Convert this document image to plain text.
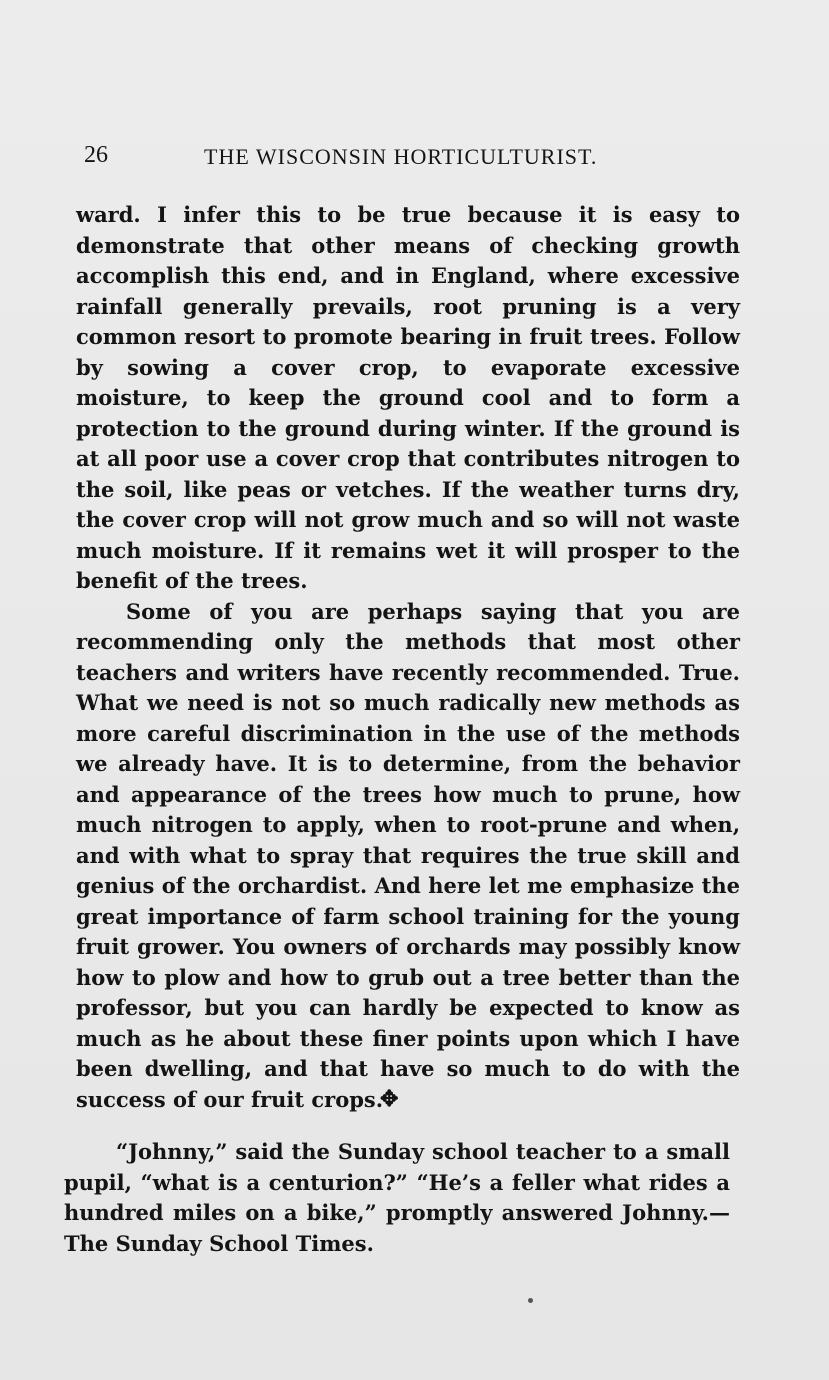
26	THE WISCONSIN HORTICULTURIST.

ward. I infer this to be true because it is easy to demonstrate that other means of checking growth accomplish this end, and in England, where excessive rainfall generally prevails, root pruning is a very common resort to promote bearing in fruit trees. Follow by sowing a cover crop, to evaporate excessive moisture, to keep the ground cool and to form a protection to the ground during winter. If the ground is at all poor use a cover crop that contributes nitrogen to the soil, like peas or vetches. If the weather turns dry, the cover crop will not grow much and so will not waste much moisture. If it remains wet it will prosper to the benefit of the trees.

Some of you are perhaps saying that you are recommending only the methods that most other teachers and writers have recently recommended. True. What we need is not so much radically new methods as more careful discrimination in the use of the methods we already have. It is to determine, from the behavior and appearance of the trees how much to prune, how much nitrogen to apply, when to root-prune and when, and with what to spray that requires the true skill and genius of the orchardist. And here let me emphasize the great importance of farm school training for the young fruit grower. You owners of orchards may possibly know how to plow and how to grub out a tree better than the professor, but you can hardly be expected to know as much as he about these finer points upon which I have been dwelling, and that have so much to do with the success of our fruit crops.

✥

“Johnny,” said the Sunday school teacher to a small pupil, “what is a centurion?” “He’s a feller what rides a hundred miles on a bike,” promptly answered Johnny.—The Sunday School Times.
